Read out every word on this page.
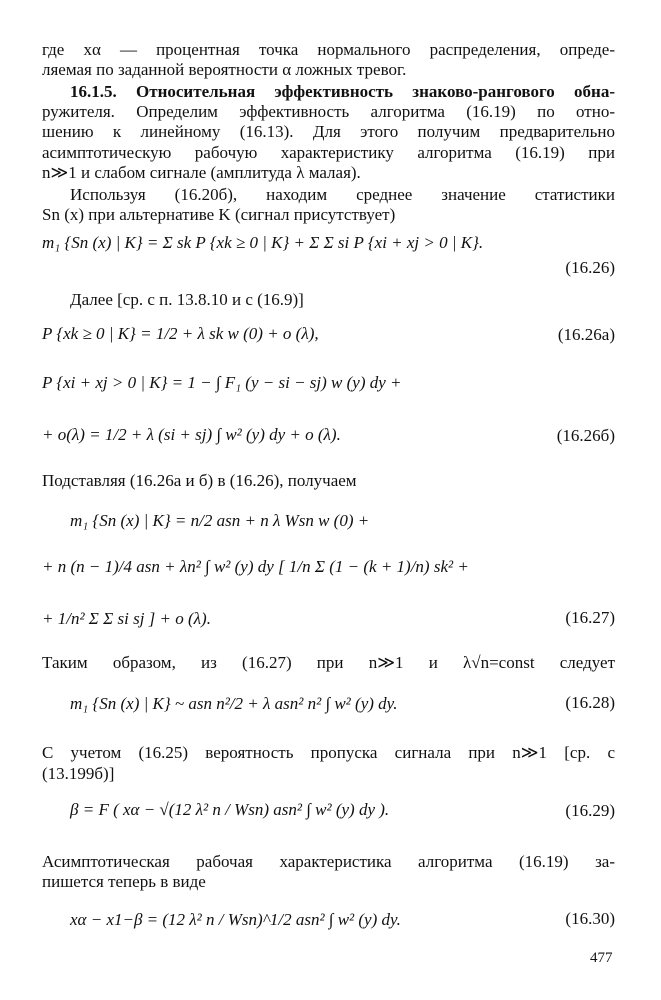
где xα — процентная точка нормального распределения, опреде-
ляемая по заданной вероятности α ложных тревог.
16.1.5. Относительная эффективность знаково-рангового обна-
ружителя. Определим эффективность алгоритма (16.19) по отно-
шению к линейному (16.13). Для этого получим предварительно
асимптотическую рабочую характеристику алгоритма (16.19) при
n≫1 и слабом сигнале (амплитуда λ малая).
Используя (16.20б), находим среднее значение статистики
Sn (x) при альтернативе K (сигнал присутствует)
m₁ {Sn (x) | K} = Σ sk P {xk ≥ 0 | K} + Σ Σ si P {xi + xj > 0 | K}.
(16.26)
Далее [ср. с п. 13.8.10 и с (16.9)]
P {xk ≥ 0 | K} = 1/2 + λ sk w (0) + o (λ),	(16.26а)
P {xi + xj > 0 | K} = 1 − ∫ F₁ (y − si − sj) w (y) dy +
+ o(λ) = 1/2 + λ (si + sj) ∫ w² (y) dy + o (λ).	(16.26б)
Подставляя (16.26а и б) в (16.26), получаем
m₁ {Sn (x) | K} = n/2 asn + n λ Wsn w (0) +
+ n (n − 1)/4 asn + λn² ∫ w² (y) dy [ 1/n Σ (1 − (k + 1)/n) sk² +
+ 1/n² Σ Σ si sj ] + o (λ).	(16.27)
Таким образом, из (16.27) при n≫1 и λ√n=const следует
m₁ {Sn (x) | K} ~ asn n²/2 + λ asn² n² ∫ w² (y) dy.	(16.28)
С учетом (16.25) вероятность пропуска сигнала при n≫1 [ср. с
(13.199б)]
β = F ( xα − √(12 λ² n / Wsn) asn² ∫ w² (y) dy ).	(16.29)
Асимптотическая рабочая характеристика алгоритма (16.19) за-
пишется теперь в виде
xα − x1−β = (12 λ² n / Wsn)^1/2 asn² ∫ w² (y) dy.	(16.30)
477
